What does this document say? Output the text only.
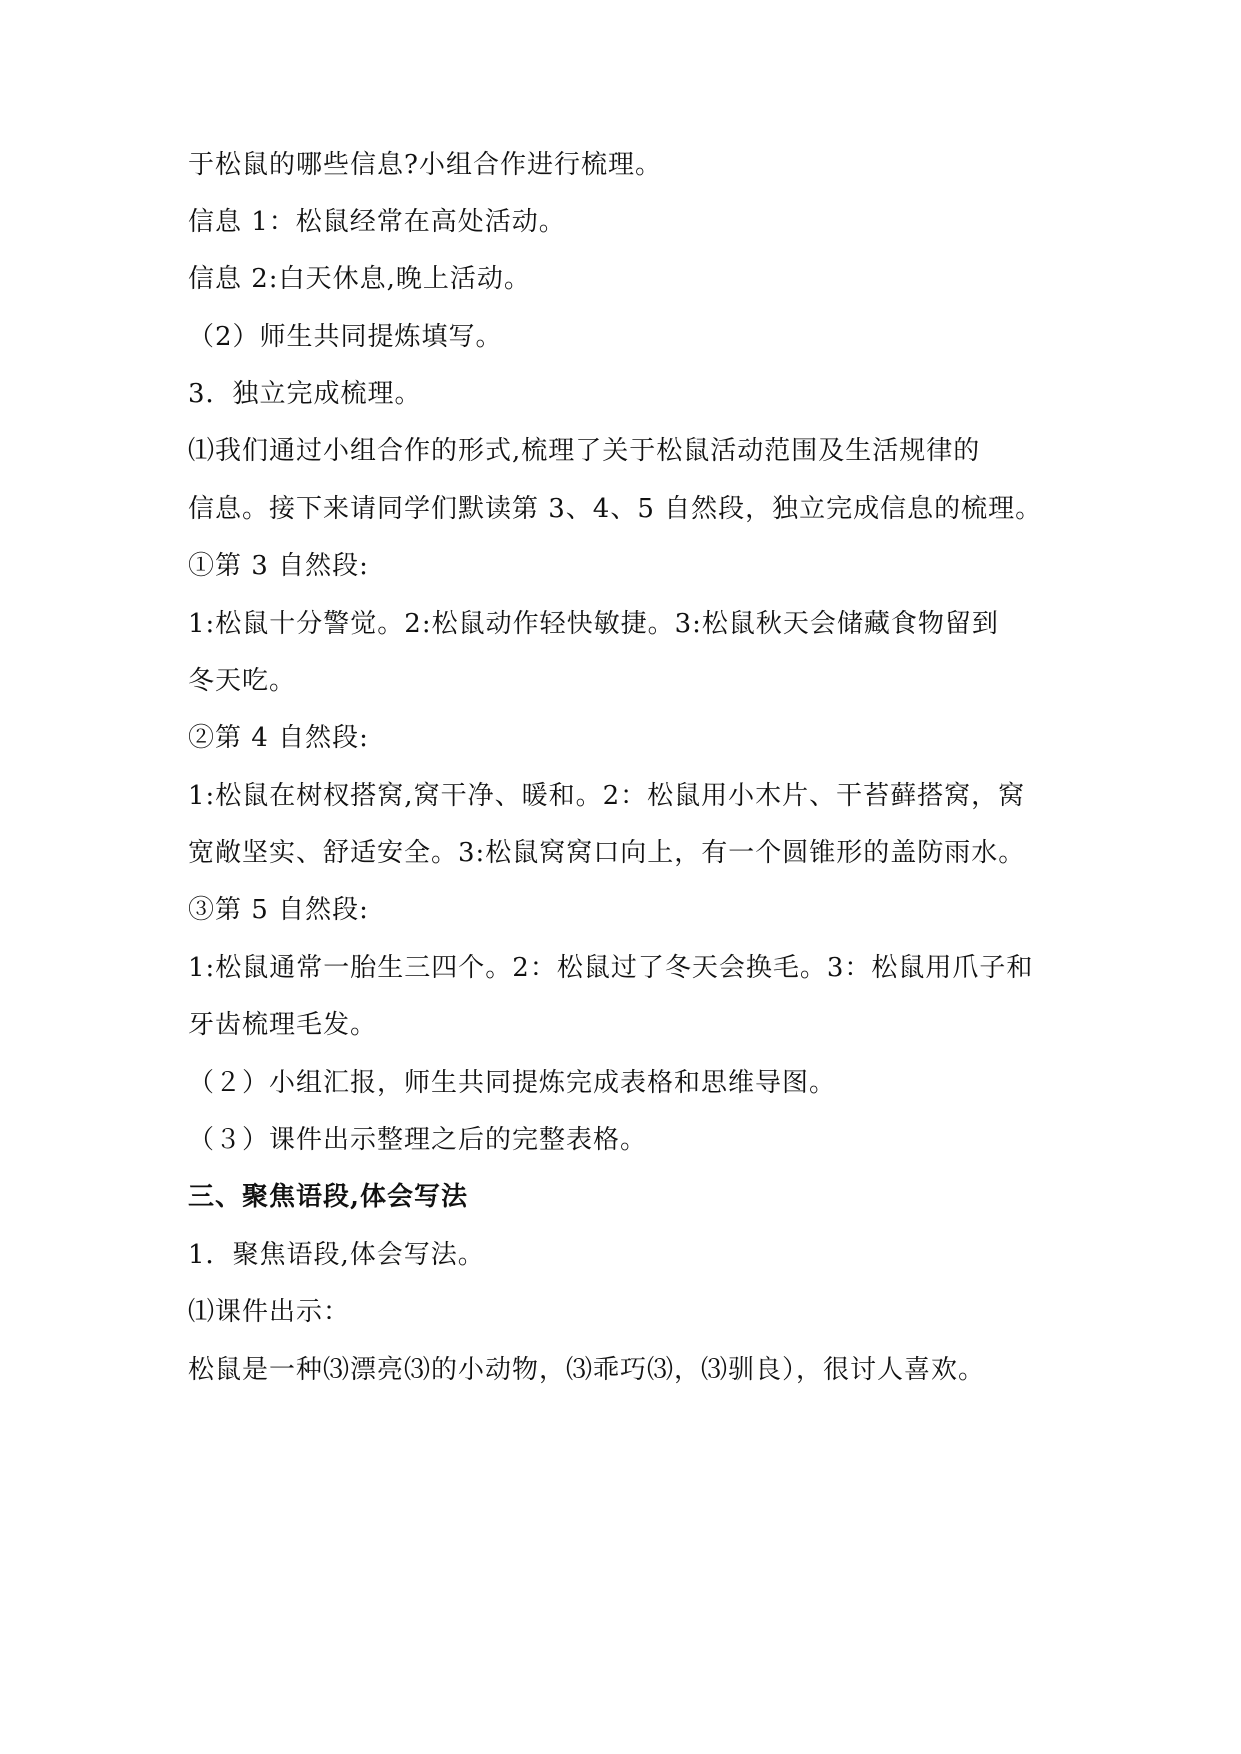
于松鼠的哪些信息?小组合作进行梳理。
信息 1：松鼠经常在高处活动。
信息 2:白天休息,晚上活动。
（2）师生共同提炼填写。
3．独立完成梳理。
⑴我们通过小组合作的形式,梳理了关于松鼠活动范围及生活规律的
信息。接下来请同学们默读第 3、4、5 自然段，独立完成信息的梳理。
①第 3 自然段:
1:松鼠十分警觉。2:松鼠动作轻快敏捷。3:松鼠秋天会储藏食物留到
冬天吃。
②第 4 自然段:
1:松鼠在树杈搭窝,窝干净、暖和。2：松鼠用小木片、干苔藓搭窝，窝
宽敞坚实、舒适安全。3:松鼠窝窝口向上，有一个圆锥形的盖防雨水。
③第 5 自然段:
1:松鼠通常一胎生三四个。2：松鼠过了冬天会换毛。3：松鼠用爪子和
牙齿梳理毛发。
（２）小组汇报，师生共同提炼完成表格和思维导图。
（３）课件出示整理之后的完整表格。
三、聚焦语段,体会写法
1．聚焦语段,体会写法。
⑴课件出示：
松鼠是一种⑶漂亮⑶的小动物，⑶乖巧⑶，⑶驯良），很讨人喜欢。
